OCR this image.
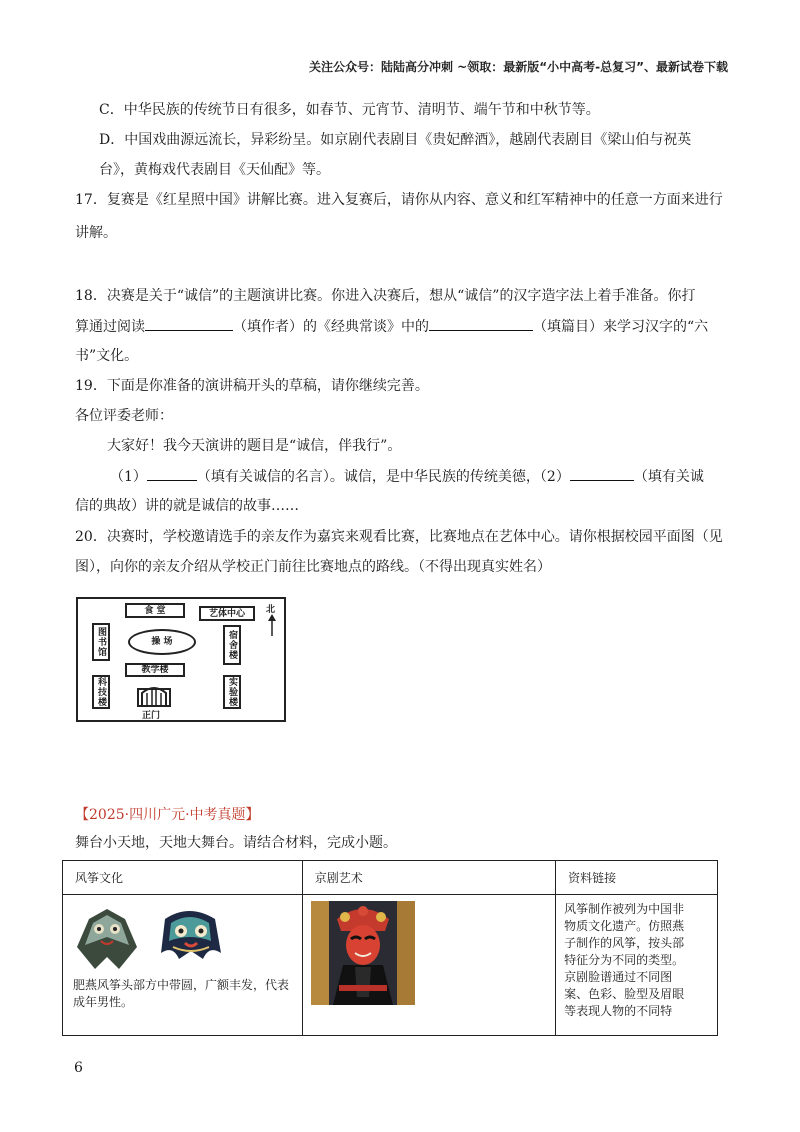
关注公众号：陆陆高分冲刺 ~领取：最新版“小中高考-总复习”、最新试卷下载
C．中华民族的传统节日有很多，如春节、元宵节、清明节、端午节和中秋节等。
D．中国戏曲源远流长，异彩纷呈。如京剧代表剧目《贵妃醉酒》，越剧代表剧目《梁山伯与祝英
台》，黄梅戏代表剧目《天仙配》等。
17．复赛是《红星照中国》讲解比赛。进入复赛后，请你从内容、意义和红军精神中的任意一方面来进行
讲解。
18．决赛是关于“诚信”的主题演讲比赛。你进入决赛后，想从“诚信”的汉字造字法上着手准备。你打
算通过阅读	（填作者）的《经典常谈》中的	（填篇目）来学习汉字的“六
书”文化。
19．下面是你准备的演讲稿开头的草稿，请你继续完善。
各位评委老师：
大家好！我今天演讲的题目是“诚信，伴我行”。
（1）	（填有关诚信的名言）。诚信，是中华民族的传统美德，（2）	（填有关诚
信的典故）讲的就是诚信的故事……
20．决赛时，学校邀请选手的亲友作为嘉宾来观看比赛，比赛地点在艺体中心。请你根据校园平面图（见
图），向你的亲友介绍从学校正门前往比赛地点的路线。（不得出现真实姓名）
食 堂	艺体中心	北
图书馆	操 场	宿舍楼
教学楼
科技楼	实验楼
正门
【2025·四川广元·中考真题】
舞台小天地，天地大舞台。请结合材料，完成小题。
风筝文化	京剧艺术	资料链接

肥燕风筝头部方中带圆，广额丰发，代表成年男性。		风筝制作被列为中国非物质文化遗产。仿照燕子制作的风筝，按头部特征分为不同的类型。京剧脸谱通过不同图案、色彩、脸型及眉眼等表现人物的不同特
6
